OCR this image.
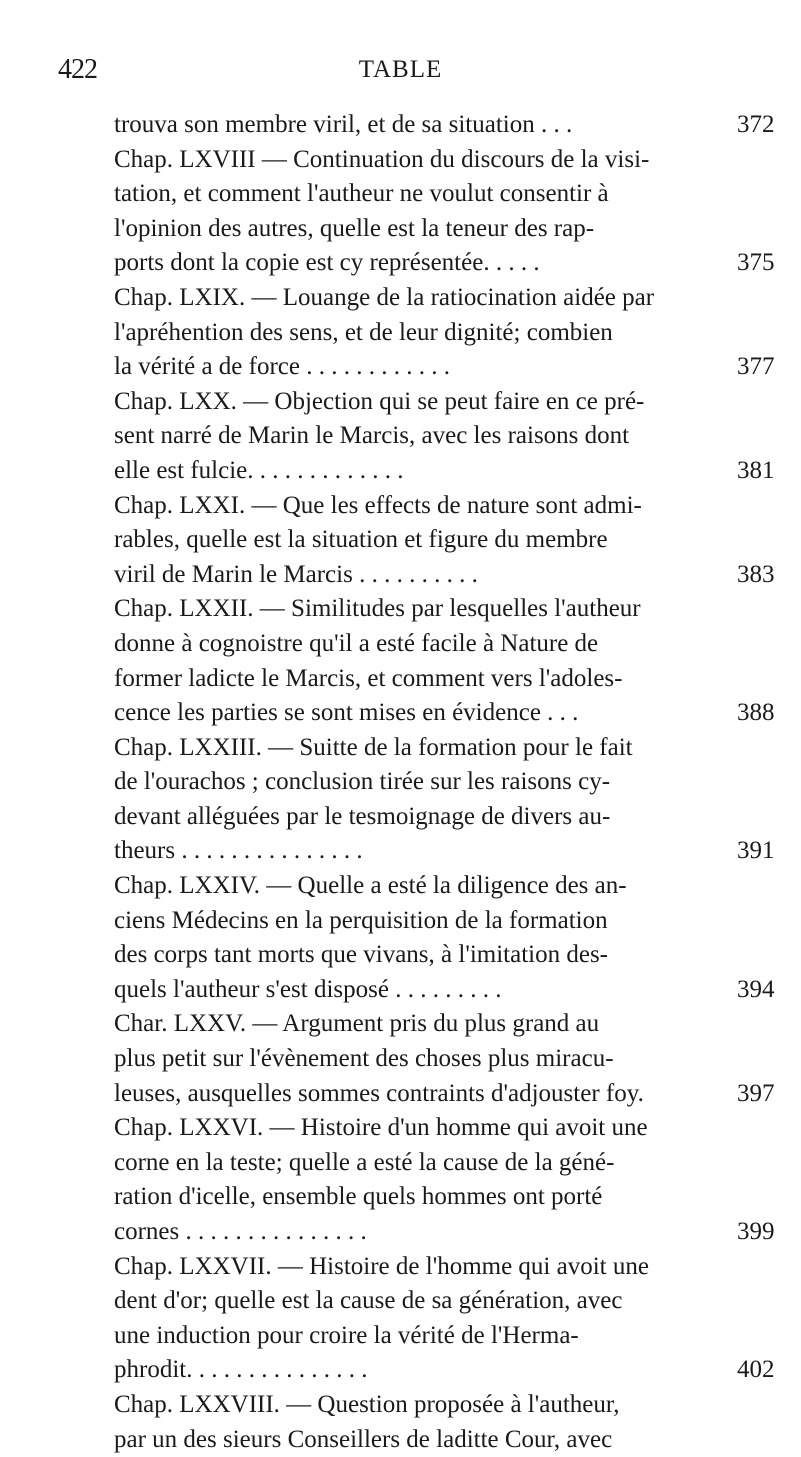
422	TABLE
trouva son membre viril, et de sa situation . . .	372
Chap. LXVIII — Continuation du discours de la visi-
tation, et comment l'autheur ne voulut consentir à
l'opinion des autres, quelle est la teneur des rap-
ports dont la copie est cy représentée. . . . .	375
Chap. LXIX. — Louange de la ratiocination aidée par
l'apréhention des sens, et de leur dignité; combien
la vérité a de force . . . . . . . . . . . .	377
Chap. LXX. — Objection qui se peut faire en ce pré-
sent narré de Marin le Marcis, avec les raisons dont
elle est fulcie. . . . . . . . . . . . .	381
Chap. LXXI. — Que les effects de nature sont admi-
rables, quelle est la situation et figure du membre
viril de Marin le Marcis . . . . . . . . . .	383
Chap. LXXII. — Similitudes par lesquelles l'autheur
donne à cognoistre qu'il a esté facile à Nature de
former ladicte le Marcis, et comment vers l'adoles-
cence les parties se sont mises en évidence . . .	388
Chap. LXXIII. — Suitte de la formation pour le fait
de l'ourachos ; conclusion tirée sur les raisons cy-
devant alléguées par le tesmoignage de divers au-
theurs . . . . . . . . . . . . . . .	391
Chap. LXXIV. — Quelle a esté la diligence des an-
ciens Médecins en la perquisition de la formation
des corps tant morts que vivans, à l'imitation des-
quels l'autheur s'est disposé . . . . . . . . .	394
Char. LXXV. — Argument pris du plus grand au
plus petit sur l'évènement des choses plus miracu-
leuses, ausquelles sommes contraints d'adjouster foy.	397
Chap. LXXVI. — Histoire d'un homme qui avoit une
corne en la teste; quelle a esté la cause de la géné-
ration d'icelle, ensemble quels hommes ont porté
cornes . . . . . . . . . . . . . . .	399
Chap. LXXVII. — Histoire de l'homme qui avoit une
dent d'or; quelle est la cause de sa génération, avec
une induction pour croire la vérité de l'Herma-
phrodit. . . . . . . . . . . . . . .	402
Chap. LXXVIII. — Question proposée à l'autheur,
par un des sieurs Conseillers de laditte Cour, avec
